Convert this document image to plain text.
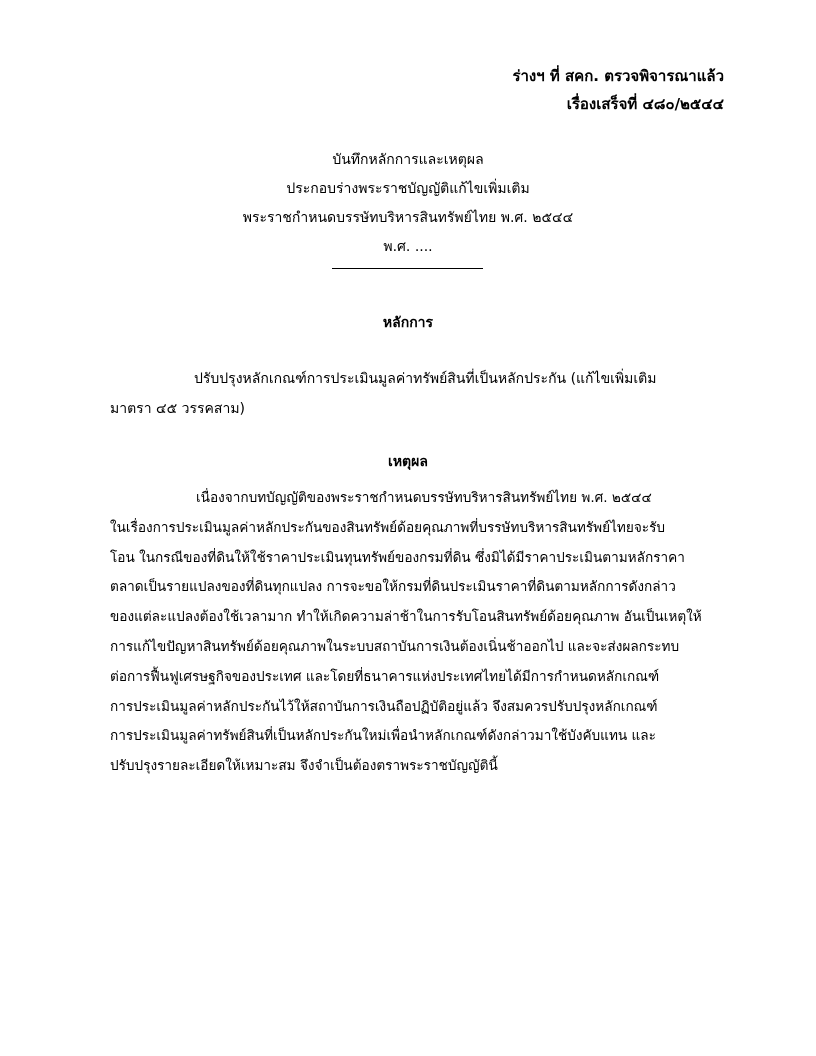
ร่างฯ ที่ สคก. ตรวจพิจารณาแล้ว
เรื่องเสร็จที่ ๔๘๐/๒๕๔๔
บันทึกหลักการและเหตุผล
ประกอบร่างพระราชบัญญัติแก้ไขเพิ่มเติม
พระราชกำหนดบรรษัทบริหารสินทรัพย์ไทย พ.ศ. ๒๕๔๔
พ.ศ. ....
หลักการ
ปรับปรุงหลักเกณฑ์การประเมินมูลค่าทรัพย์สินที่เป็นหลักประกัน (แก้ไขเพิ่มเติม
มาตรา ๔๕ วรรคสาม)
เหตุผล
เนื่องจากบทบัญญัติของพระราชกำหนดบรรษัทบริหารสินทรัพย์ไทย พ.ศ. ๒๕๔๔
ในเรื่องการประเมินมูลค่าหลักประกันของสินทรัพย์ด้อยคุณภาพที่บรรษัทบริหารสินทรัพย์ไทยจะรับ
โอน ในกรณีของที่ดินให้ใช้ราคาประเมินทุนทรัพย์ของกรมที่ดิน ซึ่งมิได้มีราคาประเมินตามหลักราคา
ตลาดเป็นรายแปลงของที่ดินทุกแปลง การจะขอให้กรมที่ดินประเมินราคาที่ดินตามหลักการดังกล่าว
ของแต่ละแปลงต้องใช้เวลามาก ทำให้เกิดความล่าช้าในการรับโอนสินทรัพย์ด้อยคุณภาพ อันเป็นเหตุให้
การแก้ไขปัญหาสินทรัพย์ด้อยคุณภาพในระบบสถาบันการเงินต้องเนิ่นช้าออกไป และจะส่งผลกระทบ
ต่อการฟื้นฟูเศรษฐกิจของประเทศ และโดยที่ธนาคารแห่งประเทศไทยได้มีการกำหนดหลักเกณฑ์
การประเมินมูลค่าหลักประกันไว้ให้สถาบันการเงินถือปฏิบัติอยู่แล้ว จึงสมควรปรับปรุงหลักเกณฑ์
การประเมินมูลค่าทรัพย์สินที่เป็นหลักประกันใหม่เพื่อนำหลักเกณฑ์ดังกล่าวมาใช้บังคับแทน และ
ปรับปรุงรายละเอียดให้เหมาะสม จึงจำเป็นต้องตราพระราชบัญญัตินี้
